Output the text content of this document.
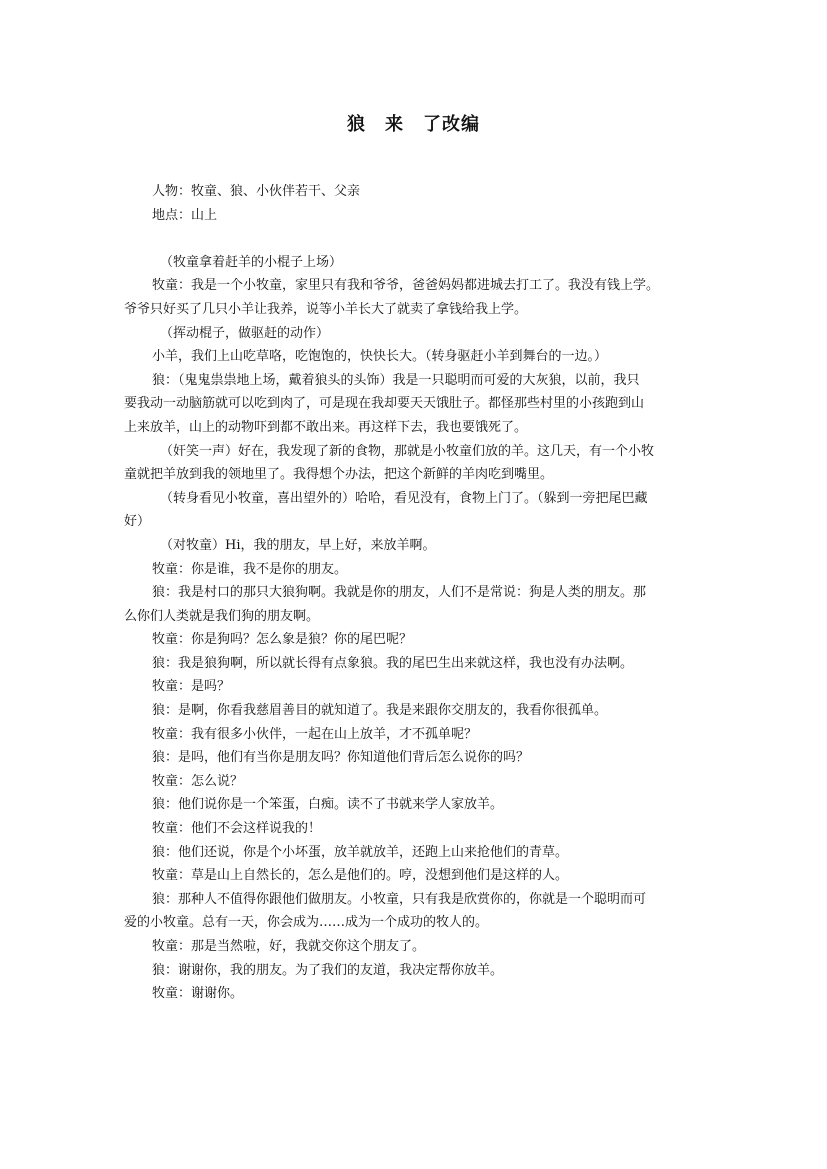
狼　来　了改编

人物：牧童、狼、小伙伴若干、父亲

地点：山上

（牧童拿着赶羊的小棍子上场）

牧童：我是一个小牧童，家里只有我和爷爷，爸爸妈妈都进城去打工了。我没有钱上学。

爷爷只好买了几只小羊让我养，说等小羊长大了就卖了拿钱给我上学。

（挥动棍子，做驱赶的动作）

小羊，我们上山吃草咯，吃饱饱的，快快长大。（转身驱赶小羊到舞台的一边。）

狼：（鬼鬼祟祟地上场，戴着狼头的头饰）我是一只聪明而可爱的大灰狼，以前，我只

要我动一动脑筋就可以吃到肉了，可是现在我却要天天饿肚子。都怪那些村里的小孩跑到山

上来放羊，山上的动物吓到都不敢出来。再这样下去，我也要饿死了。

（奸笑一声）好在，我发现了新的食物，那就是小牧童们放的羊。这几天，有一个小牧

童就把羊放到我的领地里了。我得想个办法，把这个新鲜的羊肉吃到嘴里。

（转身看见小牧童，喜出望外的）哈哈，看见没有，食物上门了。（躲到一旁把尾巴藏

好）

（对牧童）Hi，我的朋友，早上好，来放羊啊。

牧童：你是谁，我不是你的朋友。

狼：我是村口的那只大狼狗啊。我就是你的朋友，人们不是常说：狗是人类的朋友。那

么你们人类就是我们狗的朋友啊。

牧童：你是狗吗？怎么象是狼？你的尾巴呢？

狼：我是狼狗啊，所以就长得有点象狼。我的尾巴生出来就这样，我也没有办法啊。

牧童：是吗？

狼：是啊，你看我慈眉善目的就知道了。我是来跟你交朋友的，我看你很孤单。

牧童：我有很多小伙伴，一起在山上放羊，才不孤单呢？

狼：是吗，他们有当你是朋友吗？你知道他们背后怎么说你的吗？

牧童：怎么说？

狼：他们说你是一个笨蛋，白痴。读不了书就来学人家放羊。

牧童：他们不会这样说我的！

狼：他们还说，你是个小坏蛋，放羊就放羊，还跑上山来抢他们的青草。

牧童：草是山上自然长的，怎么是他们的。哼，没想到他们是这样的人。

狼：那种人不值得你跟他们做朋友。小牧童，只有我是欣赏你的，你就是一个聪明而可

爱的小牧童。总有一天，你会成为……成为一个成功的牧人的。

牧童：那是当然啦，好，我就交你这个朋友了。

狼：谢谢你，我的朋友。为了我们的友道，我决定帮你放羊。

牧童：谢谢你。
